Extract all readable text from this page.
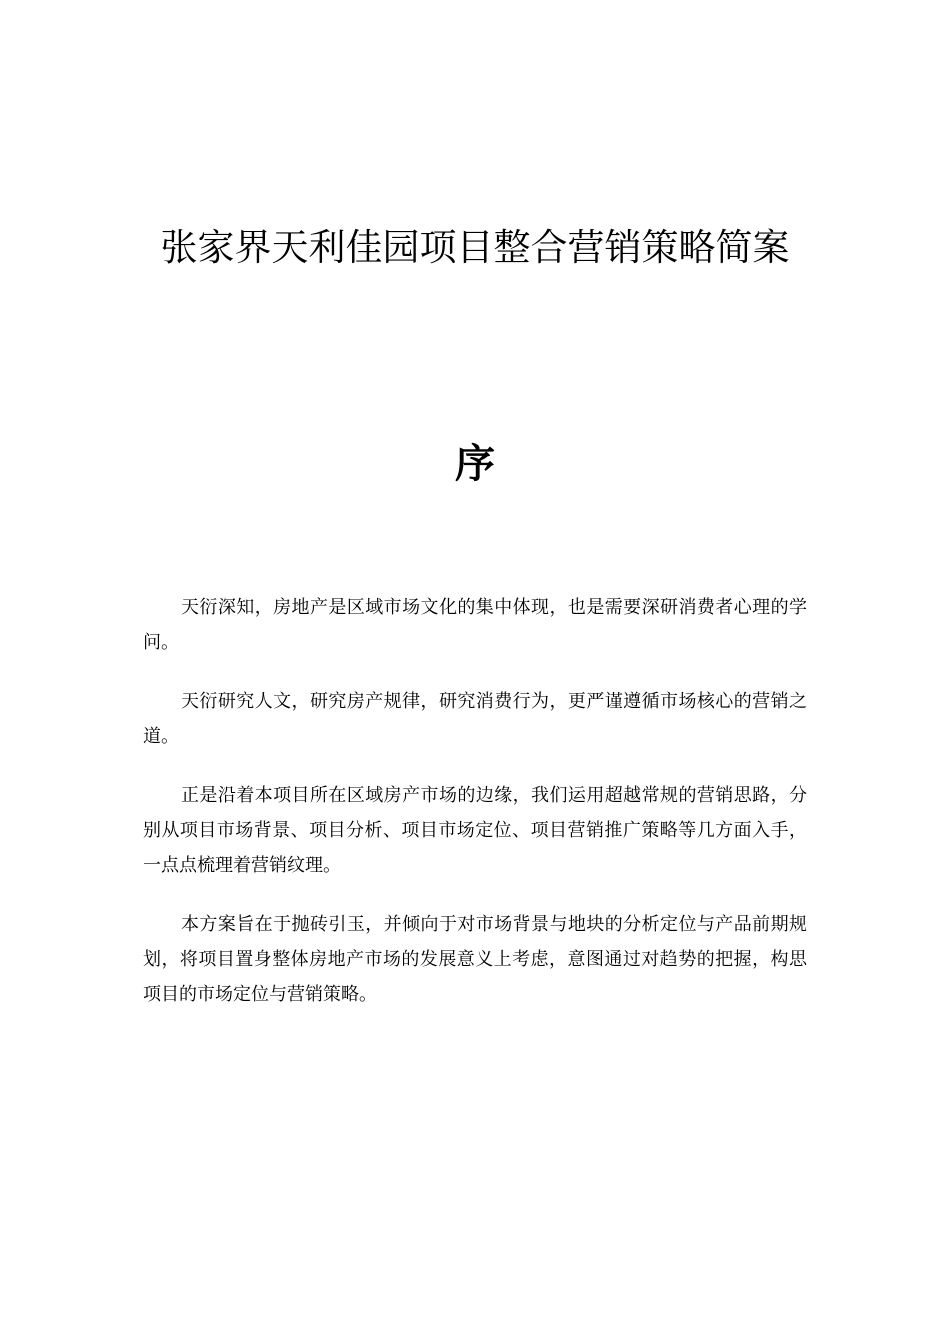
张家界天利佳园项目整合营销策略简案
序

天衍深知，房地产是区域市场文化的集中体现，也是需要深研消费者心理的学问。

天衍研究人文，研究房产规律，研究消费行为，更严谨遵循市场核心的营销之道。

正是沿着本项目所在区域房产市场的边缘，我们运用超越常规的营销思路，分别从项目市场背景、项目分析、项目市场定位、项目营销推广策略等几方面入手，一点点梳理着营销纹理。

本方案旨在于抛砖引玉，并倾向于对市场背景与地块的分析定位与产品前期规划，将项目置身整体房地产市场的发展意义上考虑，意图通过对趋势的把握，构思项目的市场定位与营销策略。
